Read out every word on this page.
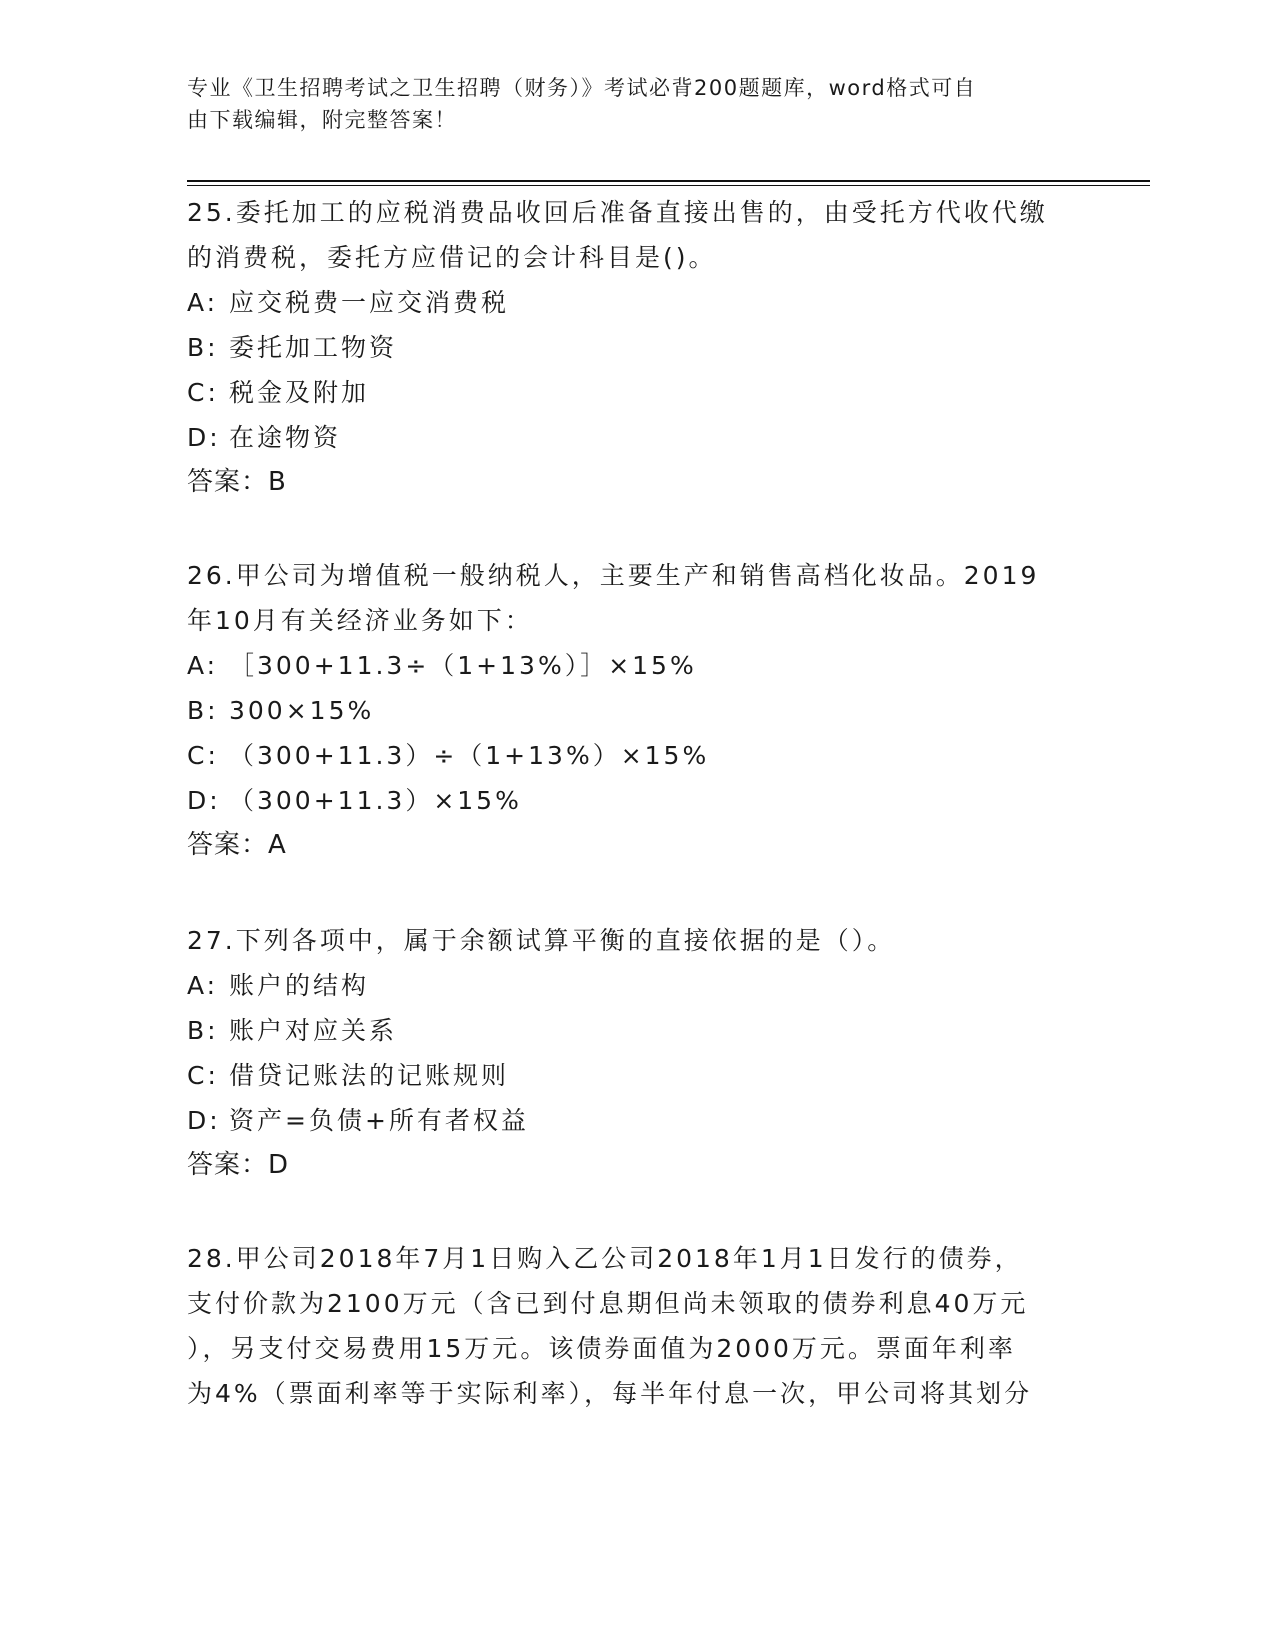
专业《卫生招聘考试之卫生招聘（财务）》考试必背200题题库，word格式可自
由下载编辑，附完整答案！

25.委托加工的应税消费品收回后准备直接出售的，由受托方代收代缴

的消费税，委托方应借记的会计科目是()。

A: 应交税费一应交消费税

B: 委托加工物资

C: 税金及附加

D: 在途物资

答案：B

26.甲公司为增值税一般纳税人，主要生产和销售高档化妆品。2019

年10月有关经济业务如下：

A: ［300+11.3÷（1+13%）］×15%

B: 300×15%

C: （300+11.3）÷（1+13%）×15%

D: （300+11.3）×15%

答案：A

27.下列各项中，属于余额试算平衡的直接依据的是（）。

A: 账户的结构

B: 账户对应关系

C: 借贷记账法的记账规则

D: 资产=负债+所有者权益

答案：D

28.甲公司2018年7月1日购入乙公司2018年1月1日发行的债券，

支付价款为2100万元（含已到付息期但尚未领取的债券利息40万元

），另支付交易费用15万元。该债券面值为2000万元。票面年利率

为4%（票面利率等于实际利率），每半年付息一次，甲公司将其划分
